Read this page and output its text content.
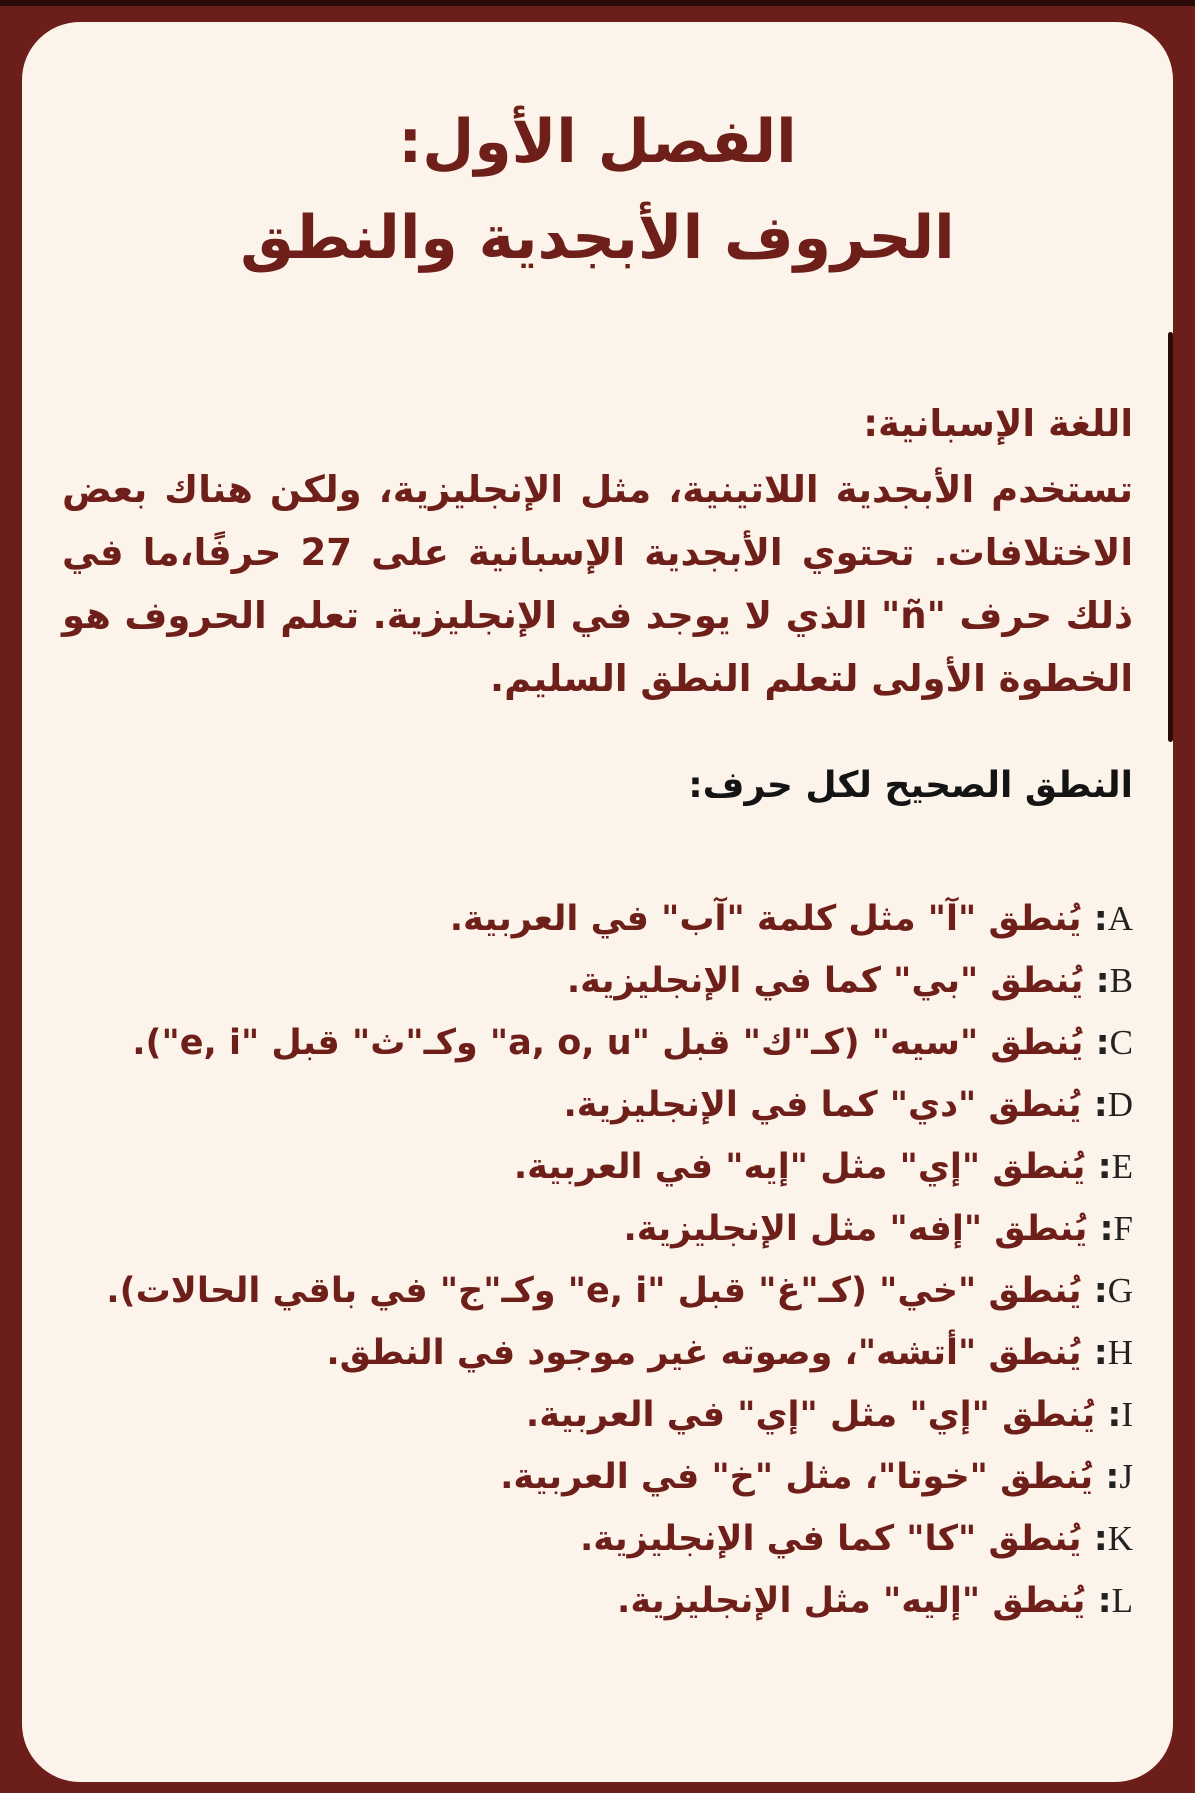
الفصل الأول:
الحروف الأبجدية والنطق
اللغة الإسبانية:

تستخدم الأبجدية اللاتينية، مثل الإنجليزية، ولكن هناك بعض الاختلافات. تحتوي الأبجدية الإسبانية على 27 حرفًا،ما في ذلك حرف "ñ" الذي لا يوجد في الإنجليزية. تعلم الحروف هو الخطوة الأولى لتعلم النطق السليم.

النطق الصحيح لكل حرف:
A: يُنطق "آ" مثل كلمة "آب" في العربية.
B: يُنطق "بي" كما في الإنجليزية.
C: يُنطق "سيه" (كـ"ك" قبل "a, o, u" وكـ"ث" قبل "e, i").
D: يُنطق "دي" كما في الإنجليزية.
E: يُنطق "إي" مثل "إيه" في العربية.
F: يُنطق "إفه" مثل الإنجليزية.
G: يُنطق "خي" (كـ"غ" قبل "e, i" وكـ"ج" في باقي الحالات).
H: يُنطق "أتشه"، وصوته غير موجود في النطق.
I: يُنطق "إي" مثل "إي" في العربية.
J: يُنطق "خوتا"، مثل "خ" في العربية.
K: يُنطق "كا" كما في الإنجليزية.
L: يُنطق "إليه" مثل الإنجليزية.
